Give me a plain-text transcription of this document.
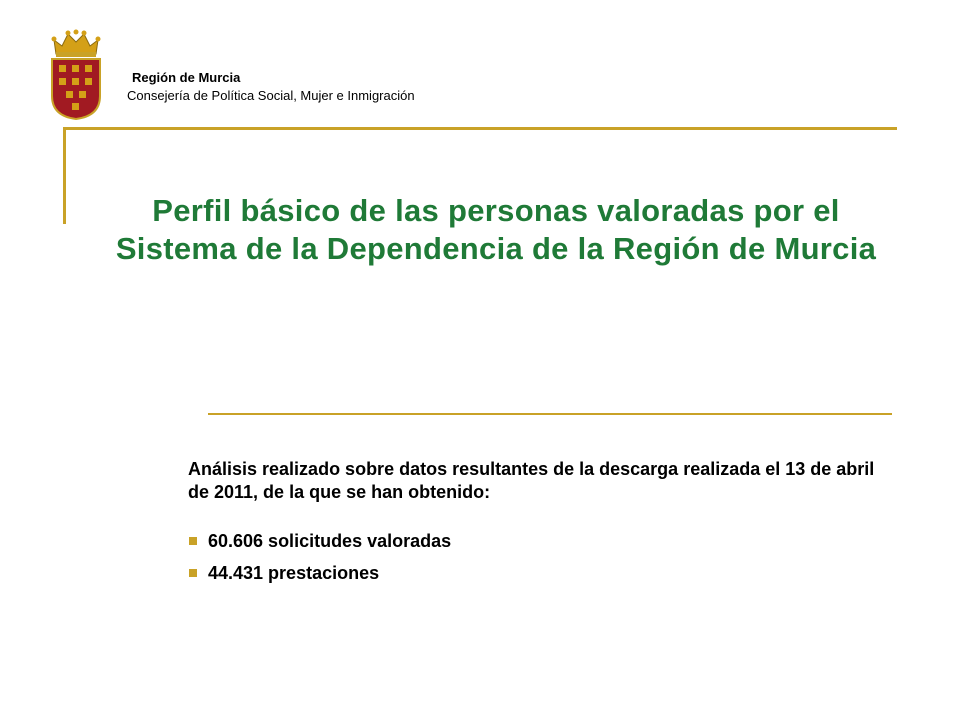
Región de Murcia
Consejería de Política Social, Mujer e Inmigración
Perfil básico de las personas valoradas por el Sistema de la Dependencia de la Región de Murcia
Análisis realizado sobre datos resultantes de la descarga realizada el 13 de abril de 2011, de la que se han obtenido:
60.606 solicitudes valoradas
44.431 prestaciones
